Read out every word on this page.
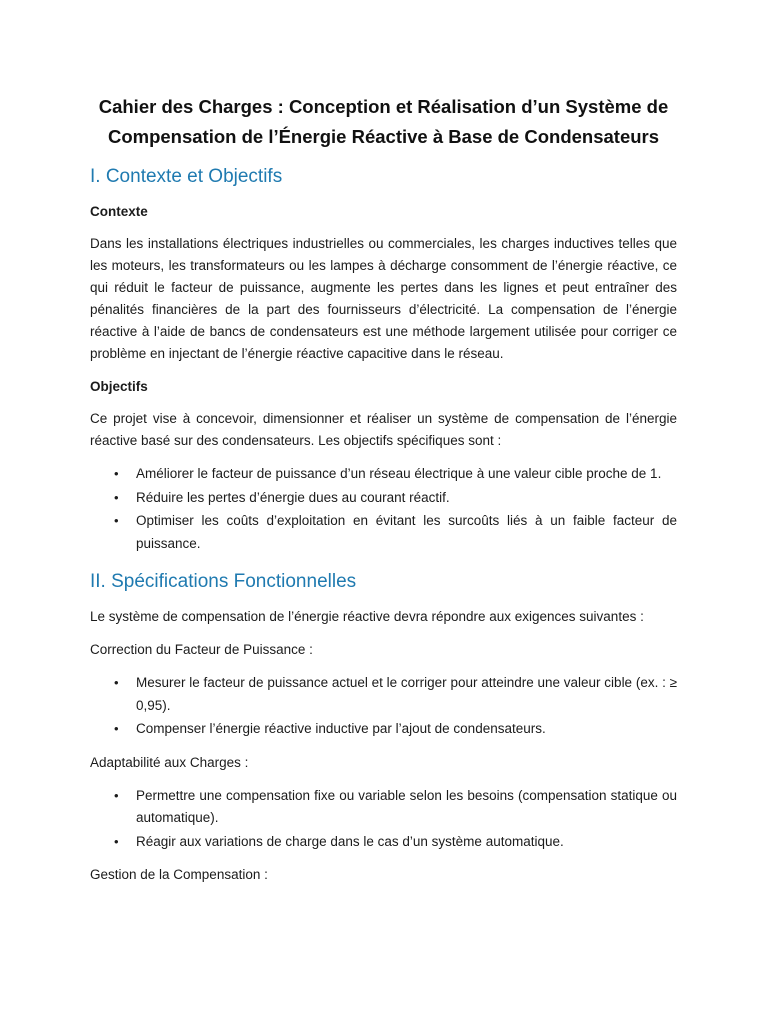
Cahier des Charges : Conception et Réalisation d’un Système de
Compensation de l’Énergie Réactive à Base de Condensateurs
I. Contexte et Objectifs
Contexte

Dans les installations électriques industrielles ou commerciales, les charges inductives telles que les moteurs, les transformateurs ou les lampes à décharge consomment de l’énergie réactive, ce qui réduit le facteur de puissance, augmente les pertes dans les lignes et peut entraîner des pénalités financières de la part des fournisseurs d’électricité. La compensation de l’énergie réactive à l’aide de bancs de condensateurs est une méthode largement utilisée pour corriger ce problème en injectant de l’énergie réactive capacitive dans le réseau.

Objectifs

Ce projet vise à concevoir, dimensionner et réaliser un système de compensation de l’énergie réactive basé sur des condensateurs. Les objectifs spécifiques sont :

• Améliorer le facteur de puissance d’un réseau électrique à une valeur cible proche de 1.
• Réduire les pertes d’énergie dues au courant réactif.
• Optimiser les coûts d’exploitation en évitant les surcoûts liés à un faible facteur de puissance.
II. Spécifications Fonctionnelles

Le système de compensation de l’énergie réactive devra répondre aux exigences suivantes :

Correction du Facteur de Puissance :

• Mesurer le facteur de puissance actuel et le corriger pour atteindre une valeur cible (ex. : ≥ 0,95).
• Compenser l’énergie réactive inductive par l’ajout de condensateurs.

Adaptabilité aux Charges :

• Permettre une compensation fixe ou variable selon les besoins (compensation statique ou automatique).
• Réagir aux variations de charge dans le cas d’un système automatique.

Gestion de la Compensation :
